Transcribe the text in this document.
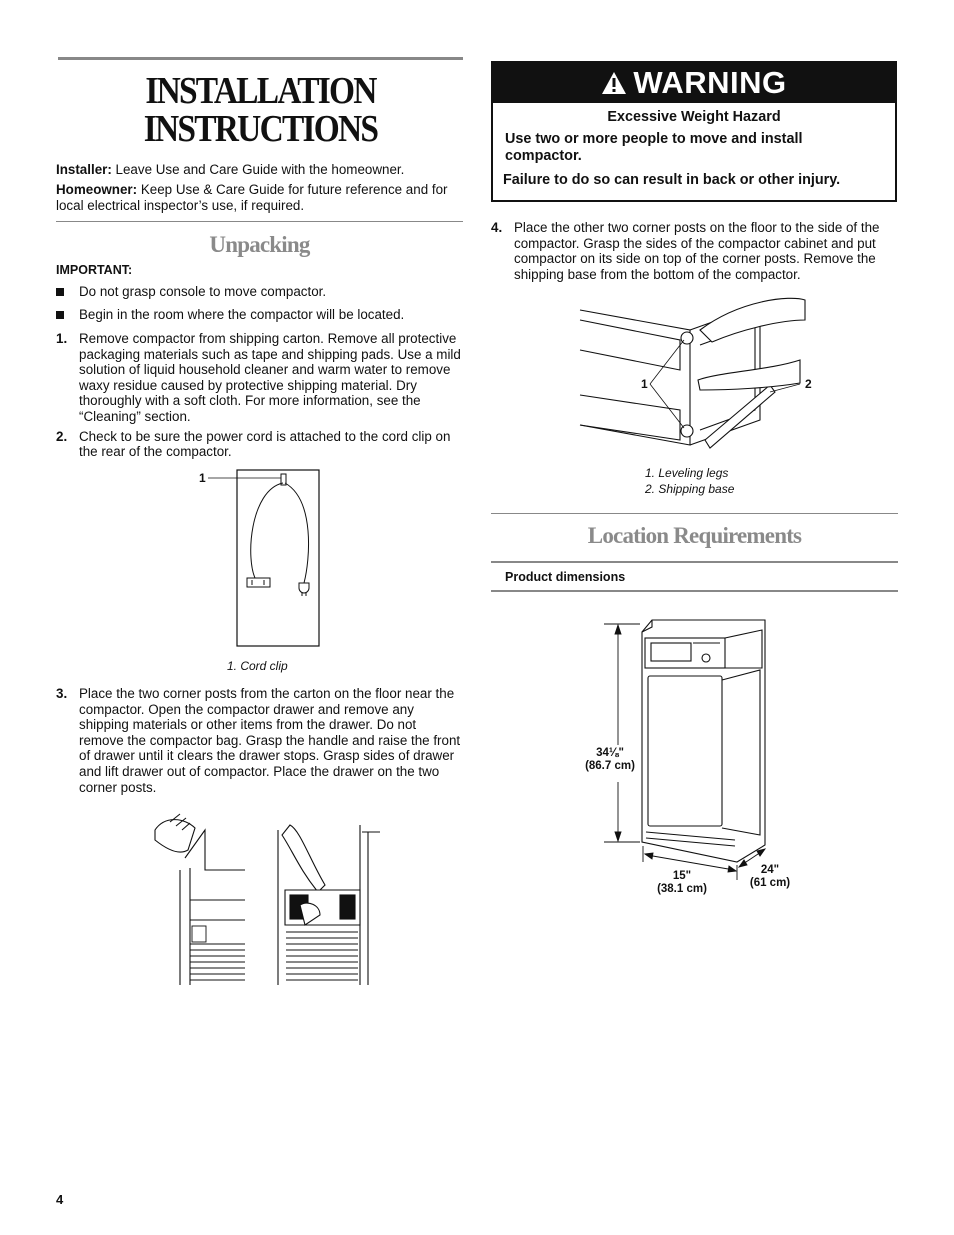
INSTALLATION
INSTRUCTIONS

Installer: Leave Use and Care Guide with the homeowner.

Homeowner: Keep Use & Care Guide for future reference and for local electrical inspector’s use, if required.

Unpacking
IMPORTANT:
Do not grasp console to move compactor.
Begin in the room where the compactor will be located.
1. Remove compactor from shipping carton. Remove all protective packaging materials such as tape and shipping pads. Use a mild solution of liquid household cleaner and warm water to remove waxy residue caused by protective shipping material. Dry thoroughly with a soft cloth. For more information, see the “Cleaning” section.
2. Check to be sure the power cord is attached to the cord clip on the rear of the compactor.
1
1. Cord clip
3. Place the two corner posts from the carton on the floor near the compactor. Open the compactor drawer and remove any shipping materials or other items from the drawer. Do not remove the compactor bag. Grasp the handle and raise the front of drawer until it clears the drawer stops. Grasp sides of drawer and lift drawer out of compactor. Place the drawer on the two corner posts.
WARNING
Excessive Weight Hazard
Use two or more people to move and install compactor.
Failure to do so can result in back or other injury.
4. Place the other two corner posts on the floor to the side of the compactor. Grasp the sides of the compactor cabinet and put compactor on its side on top of the corner posts. Remove the shipping base from the bottom of the compactor.
1	2
1. Leveling legs
2. Shipping base
Location Requirements
Product dimensions
34⅛"
(86.7 cm)
15"
(38.1 cm)
24"
(61 cm)
4
